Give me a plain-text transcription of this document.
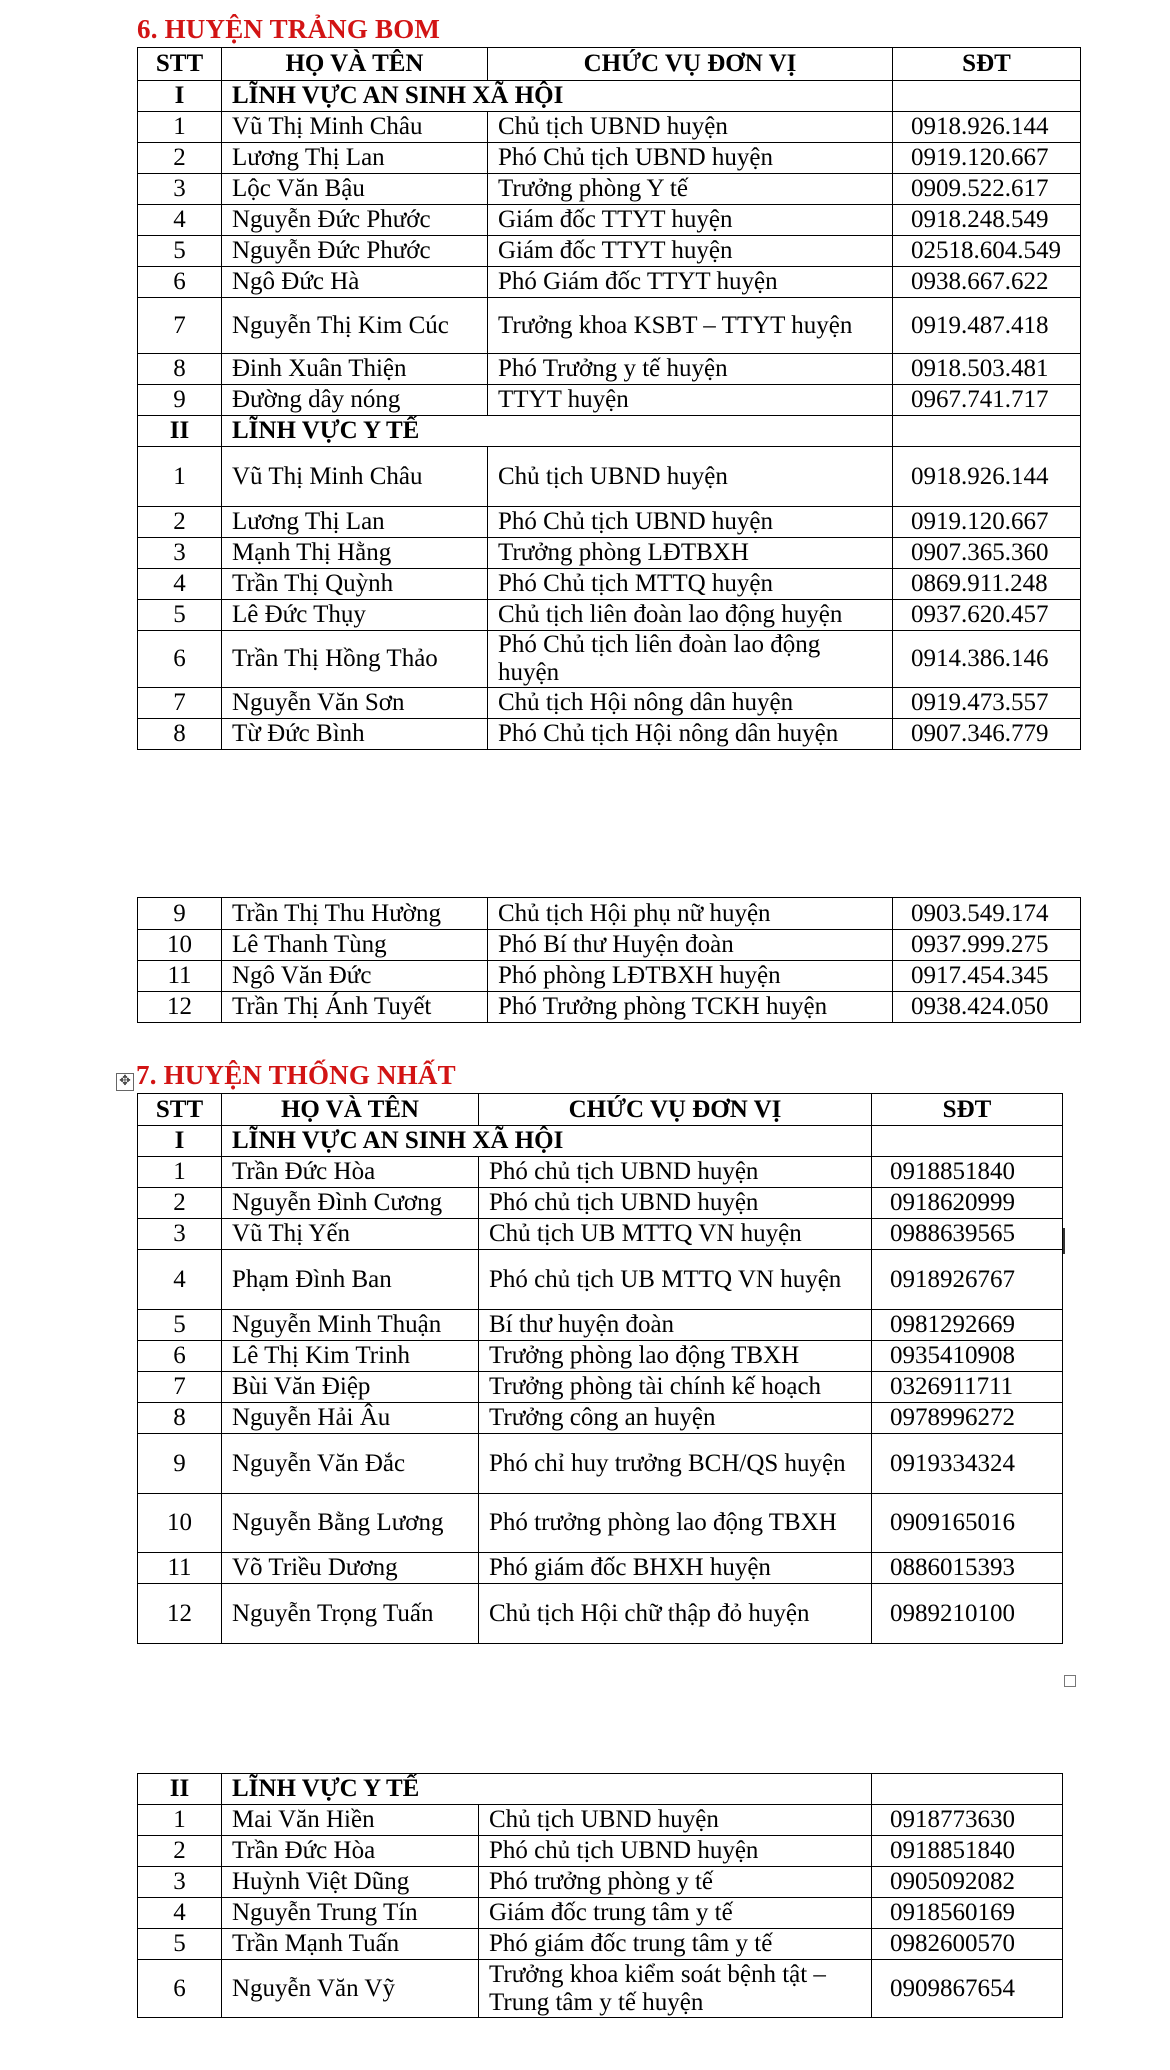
6. HUYỆN TRẢNG BOM
STT	HỌ VÀ TÊN	CHỨC VỤ ĐƠN VỊ	SĐT
I	LĨNH VỰC AN SINH XÃ HỘI		
1	Vũ Thị Minh Châu	Chủ tịch UBND huyện	0918.926.144
2	Lương Thị Lan	Phó Chủ tịch UBND huyện	0919.120.667
3	Lộc Văn Bậu	Trưởng phòng Y tế	0909.522.617
4	Nguyễn Đức Phước	Giám đốc TTYT huyện	0918.248.549
5	Nguyễn Đức Phước	Giám đốc TTYT huyện	02518.604.549
6	Ngô Đức Hà	Phó Giám đốc TTYT huyện	0938.667.622
7	Nguyễn Thị Kim Cúc	Trưởng khoa KSBT – TTYT huyện	0919.487.418
8	Đinh Xuân Thiện	Phó Trưởng y tế huyện	0918.503.481
9	Đường dây nóng	TTYT huyện	0967.741.717
II	LĨNH VỰC Y TẾ		
1	Vũ Thị Minh Châu	Chủ tịch UBND huyện	0918.926.144
2	Lương Thị Lan	Phó Chủ tịch UBND huyện	0919.120.667
3	Mạnh Thị Hằng	Trưởng phòng LĐTBXH	0907.365.360
4	Trần Thị Quỳnh	Phó Chủ tịch MTTQ huyện	0869.911.248
5	Lê Đức Thụy	Chủ tịch liên đoàn lao động huyện	0937.620.457
6	Trần Thị Hồng Thảo	Phó Chủ tịch liên đoàn lao động huyện	0914.386.146
7	Nguyễn Văn Sơn	Chủ tịch Hội nông dân huyện	0919.473.557
8	Từ Đức Bình	Phó Chủ tịch Hội nông dân huyện	0907.346.779
9	Trần Thị Thu Hường	Chủ tịch Hội phụ nữ huyện	0903.549.174
10	Lê Thanh Tùng	Phó Bí thư Huyện đoàn	0937.999.275
11	Ngô Văn Đức	Phó phòng LĐTBXH huyện	0917.454.345
12	Trần Thị Ánh Tuyết	Phó Trưởng phòng TCKH huyện	0938.424.050
✥ 7. HUYỆN THỐNG NHẤT
STT	HỌ VÀ TÊN	CHỨC VỤ ĐƠN VỊ	SĐT
I	LĨNH VỰC AN SINH XÃ HỘI		
1	Trần Đức Hòa	Phó chủ tịch UBND huyện	0918851840
2	Nguyễn Đình Cương	Phó chủ tịch UBND huyện	0918620999
3	Vũ Thị Yến	Chủ tịch UB MTTQ VN huyện	0988639565
4	Phạm Đình Ban	Phó chủ tịch UB MTTQ VN huyện	0918926767
5	Nguyễn Minh Thuận	Bí thư huyện đoàn	0981292669
6	Lê Thị Kim Trinh	Trưởng phòng lao động TBXH	0935410908
7	Bùi Văn Điệp	Trưởng phòng tài chính kế hoạch	0326911711
8	Nguyễn Hải Âu	Trưởng công an huyện	0978996272
9	Nguyễn Văn Đắc	Phó chỉ huy trưởng BCH/QS huyện	0919334324
10	Nguyễn Bằng Lương	Phó trưởng phòng lao động TBXH	0909165016
11	Võ Triều Dương	Phó giám đốc BHXH huyện	0886015393
12	Nguyễn Trọng Tuấn	Chủ tịch Hội chữ thập đỏ huyện	0989210100
II	LĨNH VỰC Y TẾ		
1	Mai Văn Hiền	Chủ tịch UBND huyện	0918773630
2	Trần Đức Hòa	Phó chủ tịch UBND huyện	0918851840
3	Huỳnh Việt Dũng	Phó trưởng phòng y tế	0905092082
4	Nguyễn Trung Tín	Giám đốc trung tâm y tế	0918560169
5	Trần Mạnh Tuấn	Phó giám đốc trung tâm y tế	0982600570
6	Nguyễn Văn Vỹ	Trưởng khoa kiểm soát bệnh tật – Trung tâm y tế huyện	0909867654
